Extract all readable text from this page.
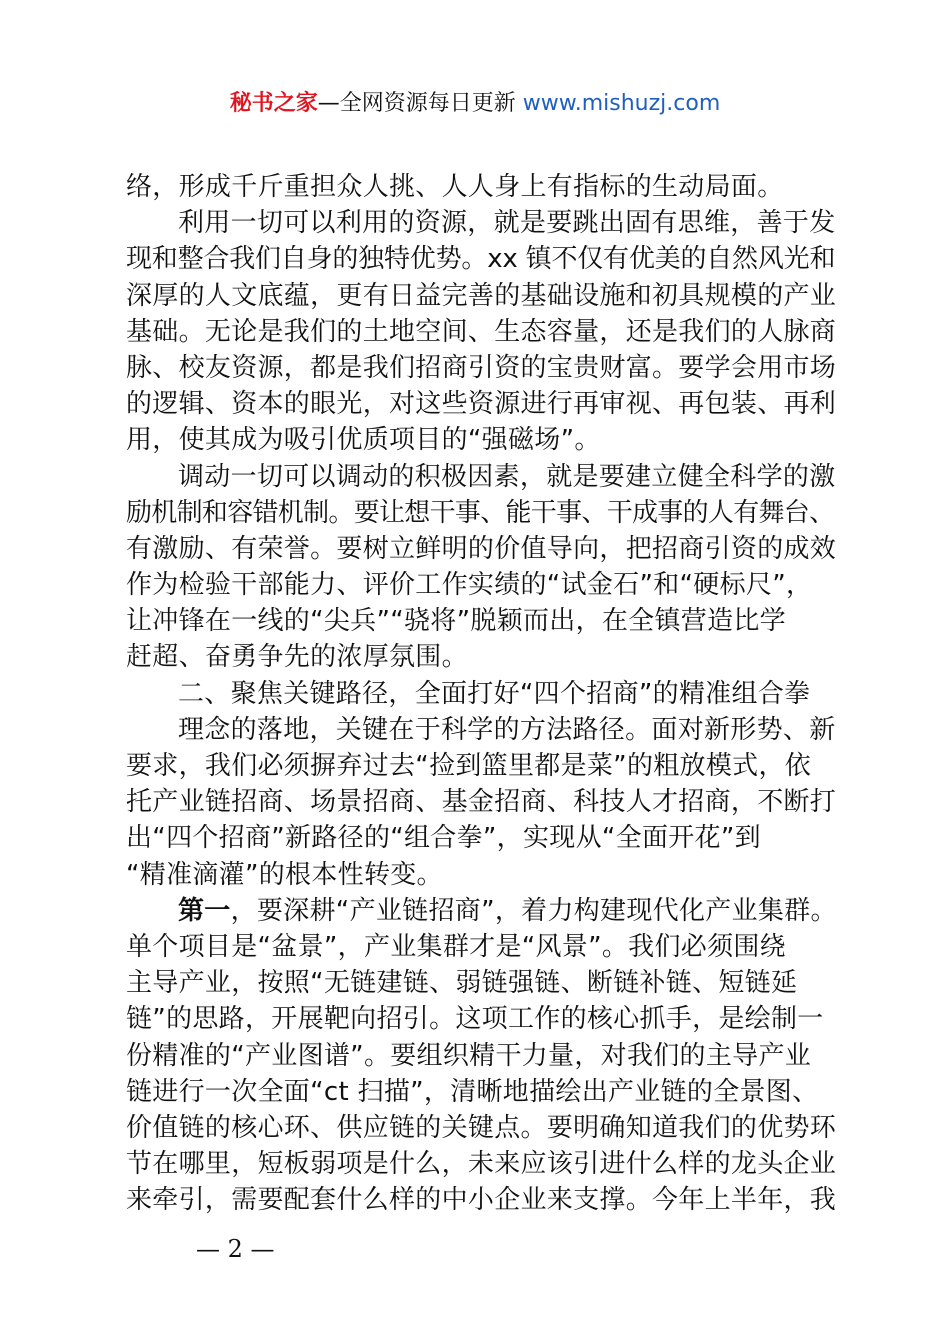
秘书之家—全网资源每日更新 www.mishuzj.com
络，形成千斤重担众人挑、人人身上有指标的生动局面。
利用一切可以利用的资源，就是要跳出固有思维，善于发
现和整合我们自身的独特优势。xx 镇不仅有优美的自然风光和
深厚的人文底蕴，更有日益完善的基础设施和初具规模的产业
基础。无论是我们的土地空间、生态容量，还是我们的人脉商
脉、校友资源，都是我们招商引资的宝贵财富。要学会用市场
的逻辑、资本的眼光，对这些资源进行再审视、再包装、再利
用，使其成为吸引优质项目的“强磁场”。
调动一切可以调动的积极因素，就是要建立健全科学的激
励机制和容错机制。要让想干事、能干事、干成事的人有舞台、
有激励、有荣誉。要树立鲜明的价值导向，把招商引资的成效
作为检验干部能力、评价工作实绩的“试金石”和“硬标尺”，
让冲锋在一线的“尖兵”“骁将”脱颖而出，在全镇营造比学
赶超、奋勇争先的浓厚氛围。
二、聚焦关键路径，全面打好“四个招商”的精准组合拳
理念的落地，关键在于科学的方法路径。面对新形势、新
要求，我们必须摒弃过去“捡到篮里都是菜”的粗放模式，依
托产业链招商、场景招商、基金招商、科技人才招商，不断打
出“四个招商”新路径的“组合拳”，实现从“全面开花”到
“精准滴灌”的根本性转变。
第一，要深耕“产业链招商”，着力构建现代化产业集群。
单个项目是“盆景”，产业集群才是“风景”。我们必须围绕
主导产业，按照“无链建链、弱链强链、断链补链、短链延
链”的思路，开展靶向招引。这项工作的核心抓手，是绘制一
份精准的“产业图谱”。要组织精干力量，对我们的主导产业
链进行一次全面“ct 扫描”，清晰地描绘出产业链的全景图、
价值链的核心环、供应链的关键点。要明确知道我们的优势环
节在哪里，短板弱项是什么，未来应该引进什么样的龙头企业
来牵引，需要配套什么样的中小企业来支撑。今年上半年，我
— 2 —
